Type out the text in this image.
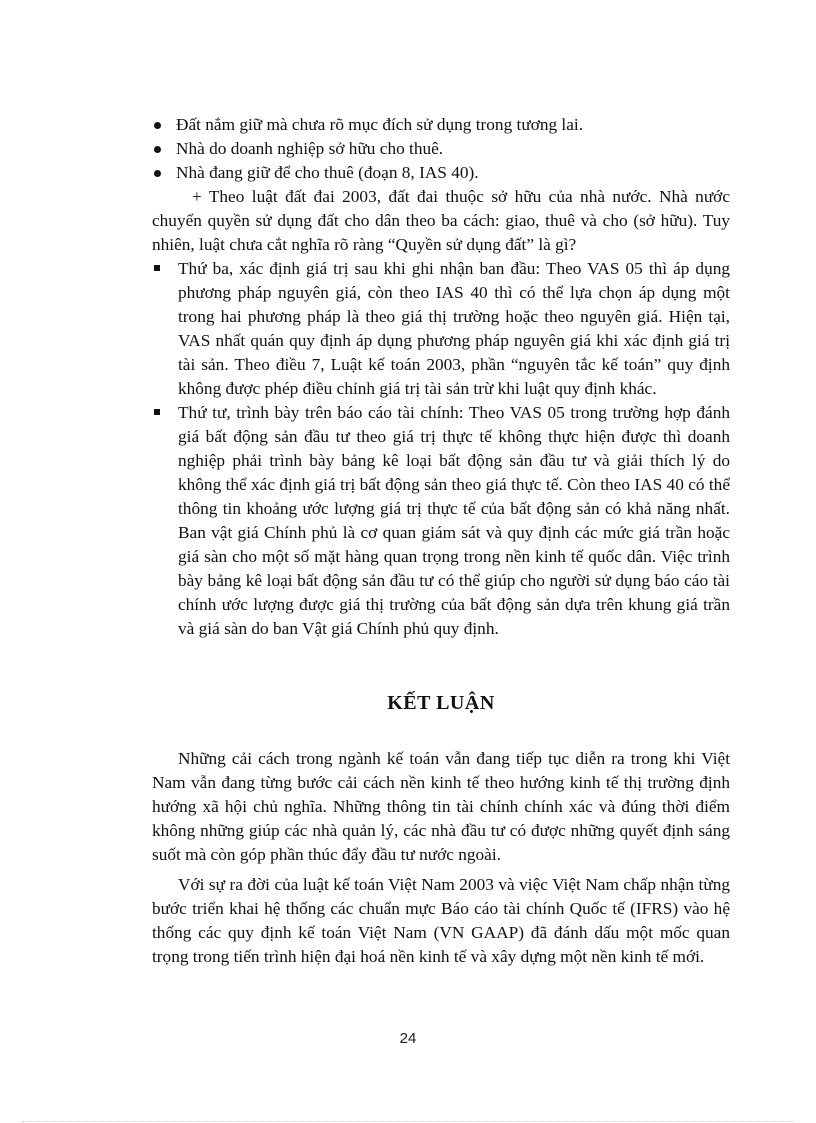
Đất nắm giữ mà chưa rõ mục đích sử dụng trong tương lai.
Nhà do doanh nghiệp sở hữu cho thuê.
Nhà đang giữ để cho thuê (đoạn 8, IAS 40).

+ Theo luật đất đai 2003, đất đai thuộc sở hữu của nhà nước. Nhà nước chuyển quyền sử dụng đất cho dân theo ba cách: giao, thuê và cho (sở hữu). Tuy nhiên, luật chưa cắt nghĩa rõ ràng “Quyền sử dụng đất” là gì?

Thứ ba, xác định giá trị sau khi ghi nhận ban đầu: Theo VAS 05 thì áp dụng phương pháp nguyên giá, còn theo IAS 40 thì có thể lựa chọn áp dụng một trong hai phương pháp là theo giá thị trường hoặc theo nguyên giá. Hiện tại, VAS nhất quán quy định áp dụng phương pháp nguyên giá khi xác định giá trị tài sản. Theo điều 7, Luật kế toán 2003, phần “nguyên tắc kế toán” quy định không được phép điều chỉnh giá trị tài sản trừ khi luật quy định khác.
Thứ tư, trình bày trên báo cáo tài chính: Theo VAS 05 trong trường hợp đánh giá bất động sản đầu tư theo giá trị thực tế không thực hiện được thì doanh nghiệp phải trình bày bảng kê loại bất động sản đầu tư và giải thích lý do không thể xác định giá trị bất động sản theo giá thực tế. Còn theo IAS 40 có thể thông tin khoảng ước lượng giá trị thực tế của bất động sản có khả năng nhất. Ban vật giá Chính phủ là cơ quan giám sát và quy định các mức giá trần hoặc giá sàn cho một số mặt hàng quan trọng trong nền kinh tế quốc dân. Việc trình bày bảng kê loại bất động sản đầu tư có thể giúp cho người sử dụng báo cáo tài chính ước lượng được giá thị trường của bất động sản dựa trên khung giá trần và giá sàn do ban Vật giá Chính phủ quy định.
KẾT LUẬN

Những cải cách trong ngành kế toán vẫn đang tiếp tục diễn ra trong khi Việt Nam vẫn đang từng bước cải cách nền kinh tế theo hướng kinh tế thị trường định hướng xã hội chủ nghĩa. Những thông tin tài chính chính xác và đúng thời điểm không những giúp các nhà quản lý, các nhà đầu tư có được những quyết định sáng suốt mà còn góp phần thúc đẩy đầu tư nước ngoài.

Với sự ra đời của luật kế toán Việt Nam 2003 và việc Việt Nam chấp nhận từng bước triển khai hệ thống các chuẩn mực Báo cáo tài chính Quốc tế (IFRS) vào hệ thống các quy định kế toán Việt Nam (VN GAAP) đã đánh dấu một mốc quan trọng trong tiến trình hiện đại hoá nền kinh tế và xây dựng một nền kinh tế mới.

24
